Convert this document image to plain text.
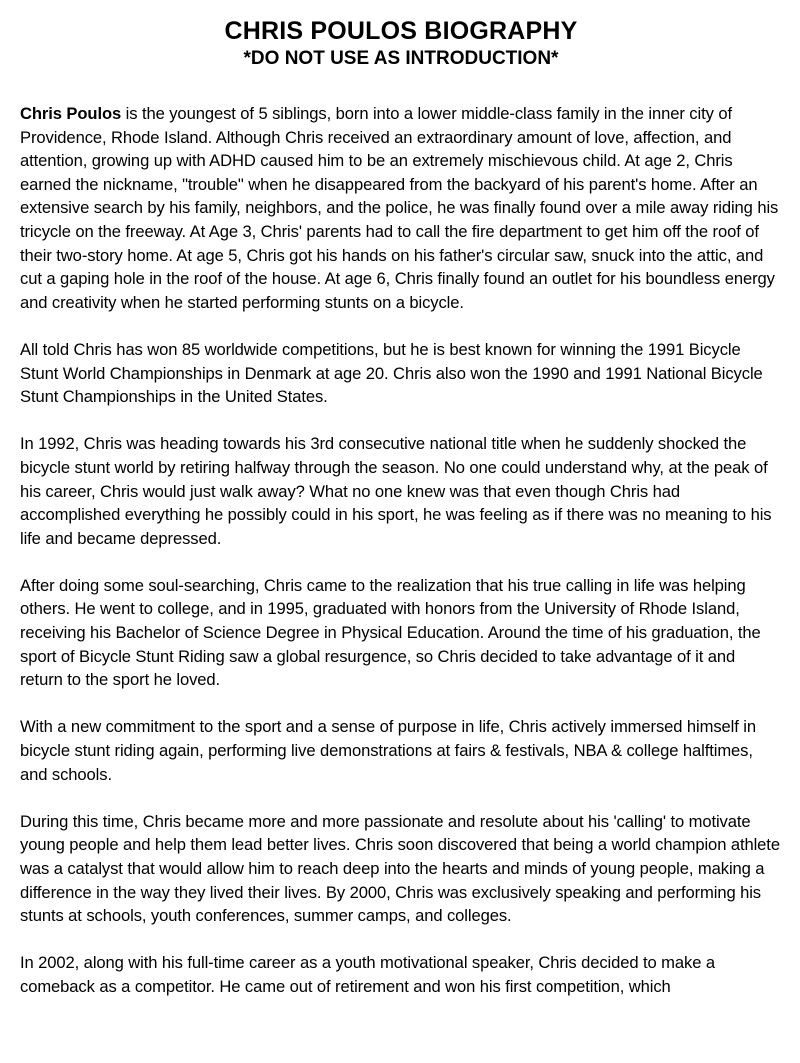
CHRIS POULOS BIOGRAPHY
*DO NOT USE AS INTRODUCTION*

Chris Poulos is the youngest of 5 siblings, born into a lower middle-class family in the inner city of Providence, Rhode Island. Although Chris received an extraordinary amount of love, affection, and attention, growing up with ADHD caused him to be an extremely mischievous child. At age 2, Chris earned the nickname, "trouble" when he disappeared from the backyard of his parent's home. After an extensive search by his family, neighbors, and the police, he was finally found over a mile away riding his tricycle on the freeway. At Age 3, Chris' parents had to call the fire department to get him off the roof of their two-story home. At age 5, Chris got his hands on his father's circular saw, snuck into the attic, and cut a gaping hole in the roof of the house. At age 6, Chris finally found an outlet for his boundless energy and creativity when he started performing stunts on a bicycle.

All told Chris has won 85 worldwide competitions, but he is best known for winning the 1991 Bicycle Stunt World Championships in Denmark at age 20. Chris also won the 1990 and 1991 National Bicycle Stunt Championships in the United States.

In 1992, Chris was heading towards his 3rd consecutive national title when he suddenly shocked the bicycle stunt world by retiring halfway through the season. No one could understand why, at the peak of his career, Chris would just walk away? What no one knew was that even though Chris had accomplished everything he possibly could in his sport, he was feeling as if there was no meaning to his life and became depressed.

After doing some soul-searching, Chris came to the realization that his true calling in life was helping others. He went to college, and in 1995, graduated with honors from the University of Rhode Island, receiving his Bachelor of Science Degree in Physical Education. Around the time of his graduation, the sport of Bicycle Stunt Riding saw a global resurgence, so Chris decided to take advantage of it and return to the sport he loved.

With a new commitment to the sport and a sense of purpose in life, Chris actively immersed himself in bicycle stunt riding again, performing live demonstrations at fairs & festivals, NBA & college halftimes, and schools.

During this time, Chris became more and more passionate and resolute about his 'calling' to motivate young people and help them lead better lives. Chris soon discovered that being a world champion athlete was a catalyst that would allow him to reach deep into the hearts and minds of young people, making a difference in the way they lived their lives. By 2000, Chris was exclusively speaking and performing his stunts at schools, youth conferences, summer camps, and colleges.

In 2002, along with his full-time career as a youth motivational speaker, Chris decided to make a comeback as a competitor. He came out of retirement and won his first competition, which
